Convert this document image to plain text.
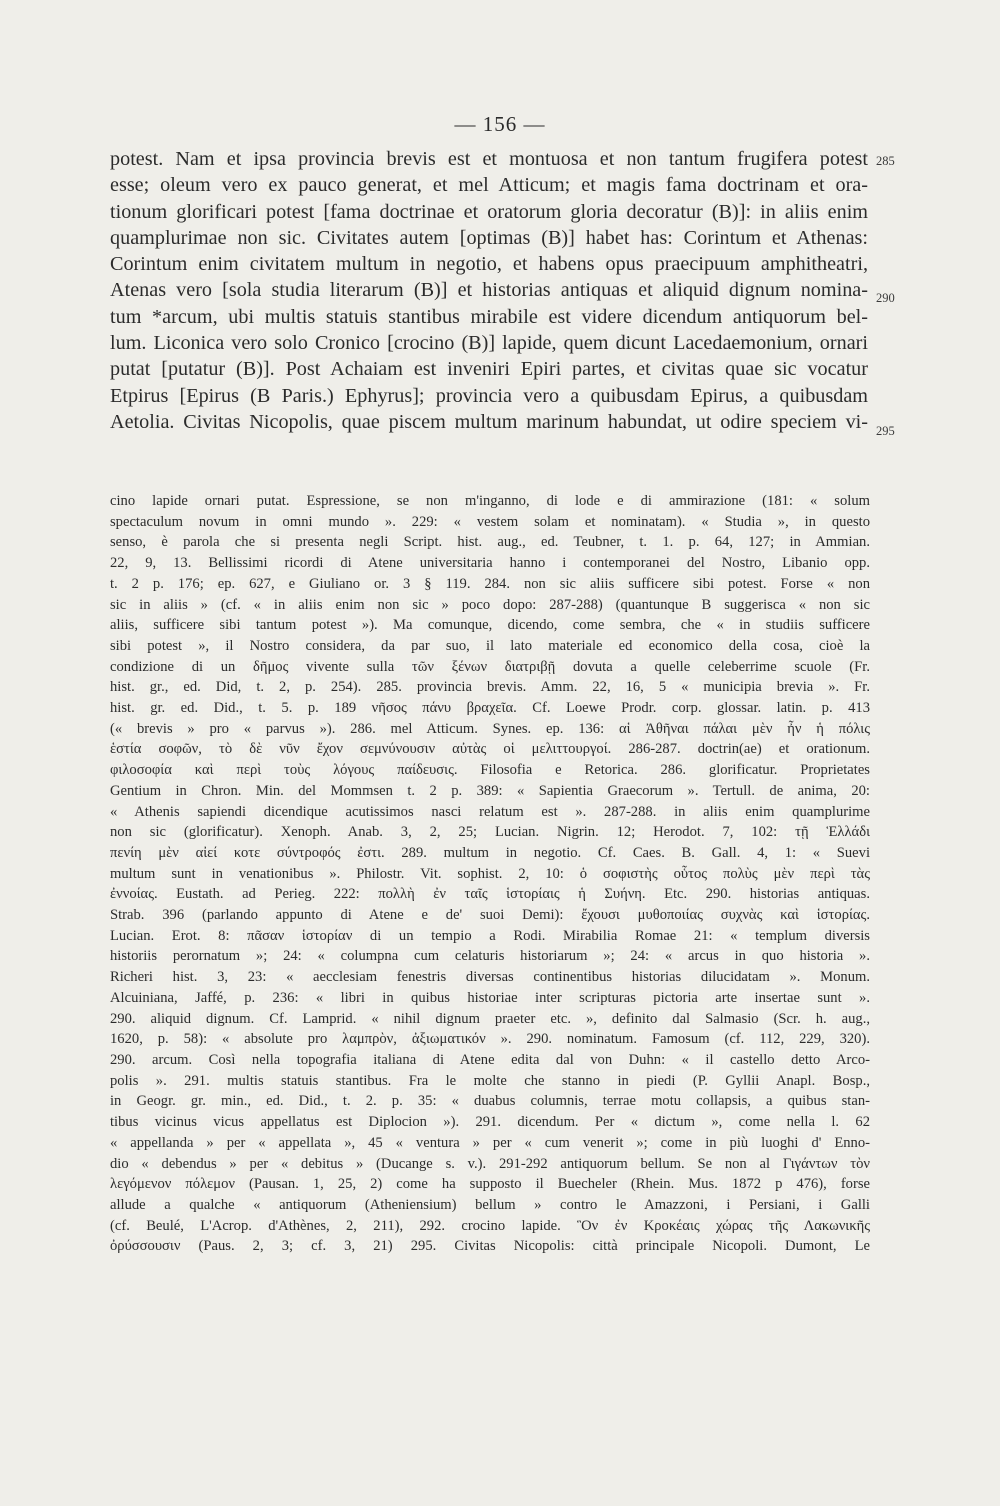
— 156 —
potest. Nam et ipsa provincia brevis est et montuosa et non tantum frugifera potest
esse; oleum vero ex pauco generat, et mel Atticum; et magis fama doctrinam et ora-
tionum glorificari potest [fama doctrinae et oratorum gloria decoratur (B)]: in aliis enim
quamplurimae non sic. Civitates autem [optimas (B)] habet has: Corintum et Athenas:
Corintum enim civitatem multum in negotio, et habens opus praecipuum amphitheatri,
Atenas vero [sola studia literarum (B)] et historias antiquas et aliquid dignum nomina-
tum *arcum, ubi multis statuis stantibus mirabile est videre dicendum antiquorum bel-
lum. Liconica vero solo Cronico [crocino (B)] lapide, quem dicunt Lacedaemonium, ornari
putat [putatur (B)]. Post Achaiam est inveniri Epiri partes, et civitas quae sic vocatur
Etpirus [Epirus (B Paris.) Ephyrus]; provincia vero a quibusdam Epirus, a quibusdam
Aetolia. Civitas Nicopolis, quae piscem multum marinum habundat, ut odire speciem vi-
285
290
295
cino lapide ornari putat. Espressione, se non m'inganno, di lode e di ammirazione (181: « solum
spectaculum novum in omni mundo ». 229: « vestem solam et nominatam). « Studia », in questo
senso, è parola che si presenta negli Script. hist. aug., ed. Teubner, t. 1. p. 64, 127; in Ammian.
22, 9, 13. Bellissimi ricordi di Atene universitaria hanno i contemporanei del Nostro, Libanio opp.
t. 2 p. 176; ep. 627, e Giuliano or. 3 § 119. 284. non sic aliis sufficere sibi potest. Forse « non
sic in aliis » (cf. « in aliis enim non sic » poco dopo: 287-288) (quantunque B suggerisca « non sic
aliis, sufficere sibi tantum potest »). Ma comunque, dicendo, come sembra, che « in studiis sufficere
sibi potest », il Nostro considera, da par suo, il lato materiale ed economico della cosa, cioè la
condizione di un δῆμος vivente sulla τῶν ξένων διατριβῇ dovuta a quelle celeberrime scuole (Fr.
hist. gr., ed. Did, t. 2, p. 254). 285. provincia brevis. Amm. 22, 16, 5 « municipia brevia ». Fr.
hist. gr. ed. Did., t. 5. p. 189 νῆσος πάνυ βραχεῖα. Cf. Loewe Prodr. corp. glossar. latin. p. 413
(« brevis » pro « parvus »). 286. mel Atticum. Synes. ep. 136: αἱ Ἀθῆναι πάλαι μὲν ἦν ἡ πόλις
ἑστία σοφῶν, τὸ δὲ νῦν ἔχον σεμνύνουσιν αὐτὰς οἱ μελιττουργοί. 286-287. doctrin(ae) et orationum.
φιλοσοφία καὶ περὶ τοὺς λόγους παίδευσις. Filosofia e Retorica. 286. glorificatur. Proprietates
Gentium in Chron. Min. del Mommsen t. 2 p. 389: « Sapientia Graecorum ». Tertull. de anima, 20:
« Athenis sapiendi dicendique acutissimos nasci relatum est ». 287-288. in aliis enim quamplurime
non sic (glorificatur). Xenoph. Anab. 3, 2, 25; Lucian. Nigrin. 12; Herodot. 7, 102: τῇ Ἑλλάδι
πενίη μὲν αἰεί κοτε σύντροφός ἐστι. 289. multum in negotio. Cf. Caes. B. Gall. 4, 1: « Suevi
multum sunt in venationibus ». Philostr. Vit. sophist. 2, 10: ὁ σοφιστὴς οὗτος πολὺς μὲν περὶ τὰς
ἐννοίας. Eustath. ad Perieg. 222: πολλὴ ἐν ταῖς ἱστορίαις ἡ Συήνη. Etc. 290. historias antiquas.
Strab. 396 (parlando appunto di Atene e de' suoi Demi): ἔχουσι μυθοποιίας συχνὰς καὶ ἱστορίας.
Lucian. Erot. 8: πᾶσαν ἱστορίαν di un tempio a Rodi. Mirabilia Romae 21: « templum diversis
historiis perornatum »; 24: « columpna cum celaturis historiarum »; 24: « arcus in quo historia ».
Richeri hist. 3, 23: « aecclesiam fenestris diversas continentibus historias dilucidatam ». Monum.
Alcuiniana, Jaffé, p. 236: « libri in quibus historiae inter scripturas pictoria arte insertae sunt ».
290. aliquid dignum. Cf. Lamprid. « nihil dignum praeter etc. », definito dal Salmasio (Scr. h. aug.,
1620, p. 58): « absolute pro λαμπρὸν, ἀξιωματικόν ». 290. nominatum. Famosum (cf. 112, 229, 320).
290. arcum. Così nella topografia italiana di Atene edita dal von Duhn: « il castello detto Arco-
polis ». 291. multis statuis stantibus. Fra le molte che stanno in piedi (P. Gyllii Anapl. Bosp.,
in Geogr. gr. min., ed. Did., t. 2. p. 35: « duabus columnis, terrae motu collapsis, a quibus stan-
tibus vicinus vicus appellatus est Diplocion »). 291. dicendum. Per « dictum », come nella l. 62
« appellanda » per « appellata », 45 « ventura » per « cum venerit »; come in più luoghi d' Enno-
dio « debendus » per « debitus » (Ducange s. v.). 291-292 antiquorum bellum. Se non al Γιγάντων τὸν
λεγόμενον πόλεμον (Pausan. 1, 25, 2) come ha supposto il Buecheler (Rhein. Mus. 1872 p 476), forse
allude a qualche « antiquorum (Atheniensium) bellum » contro le Amazzoni, i Persiani, i Galli
(cf. Beulé, L'Acrop. d'Athènes, 2, 211), 292. crocino lapide. Ὃν ἐν Κροκέαις χώρας τῆς Λακωνικῆς
ὀρύσσουσιν (Paus. 2, 3; cf. 3, 21) 295. Civitas Nicopolis: città principale Nicopoli. Dumont, Le
